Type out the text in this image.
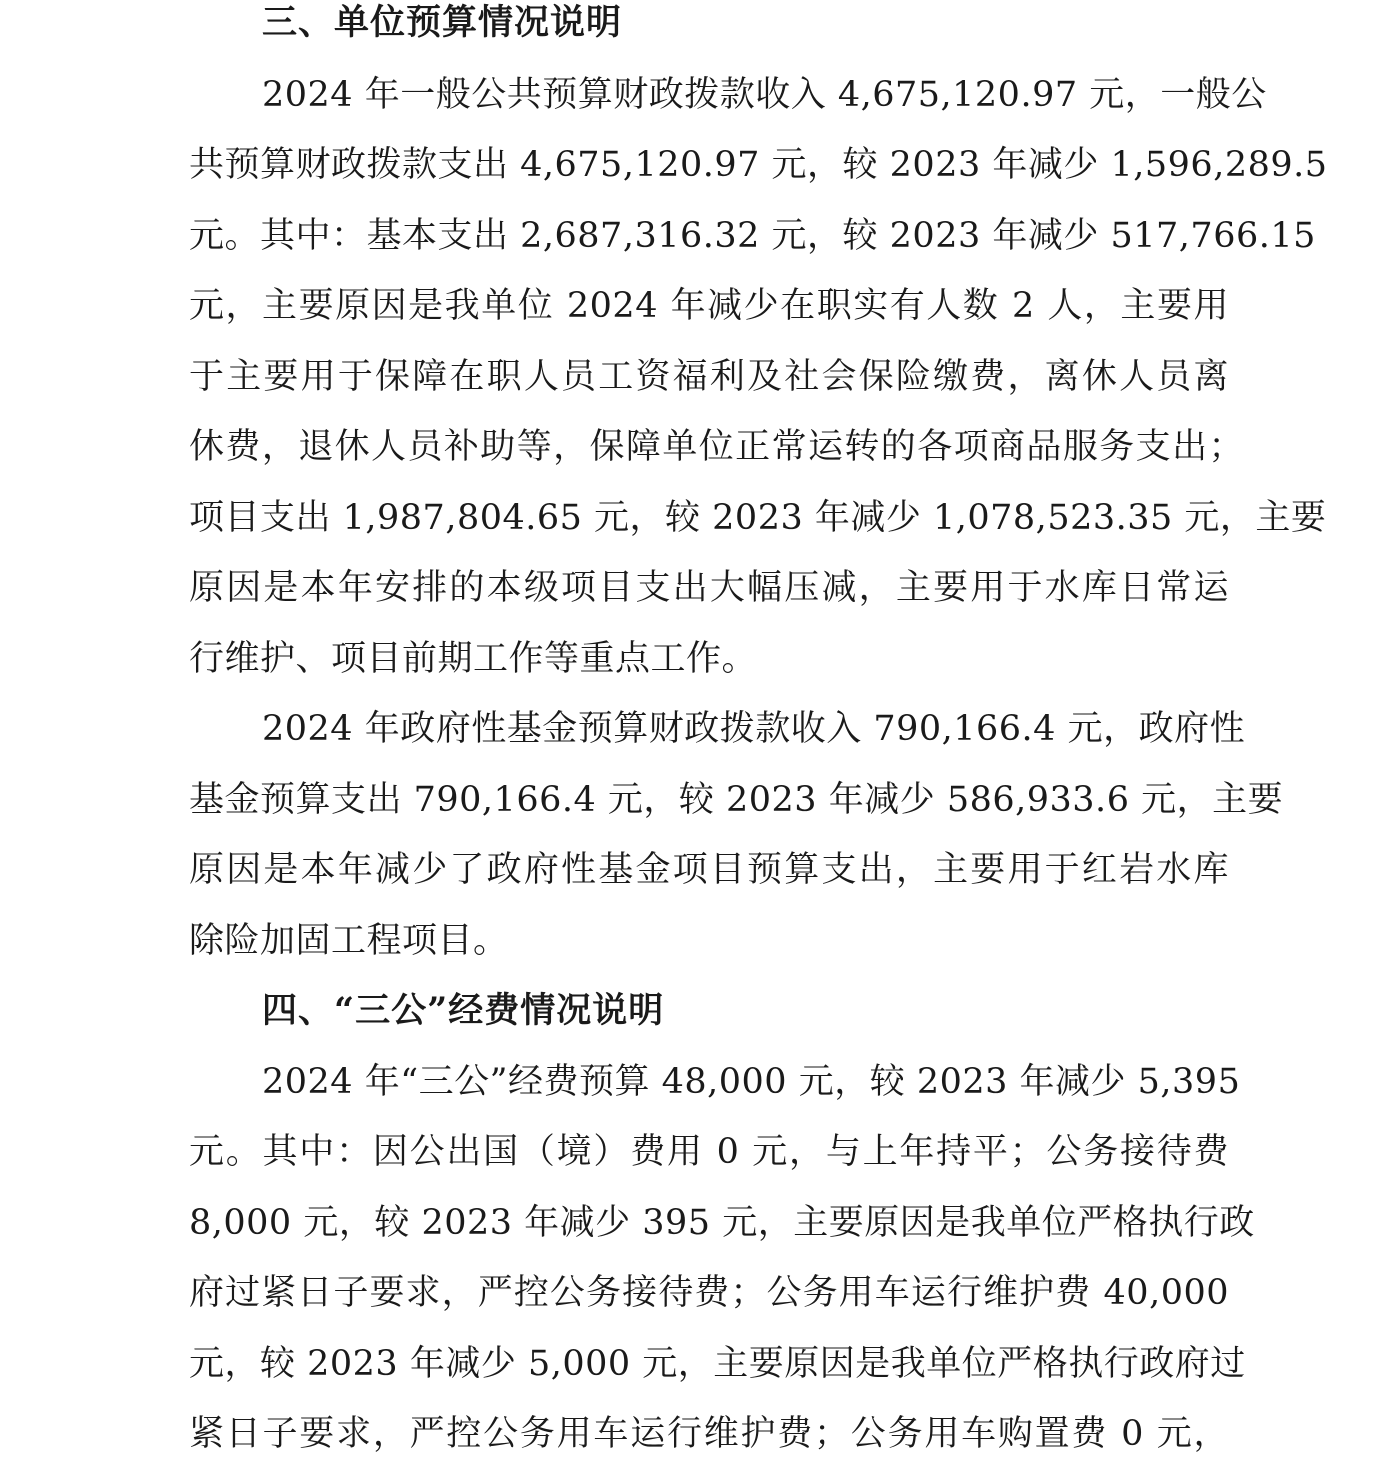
三、单位预算情况说明
2024 年一般公共预算财政拨款收入 4,675,120.97 元，一般公
共预算财政拨款支出 4,675,120.97 元，较 2023 年减少 1,596,289.5
元。其中：基本支出 2,687,316.32 元，较 2023 年减少 517,766.15
元，主要原因是我单位 2024 年减少在职实有人数 2 人，主要用
于主要用于保障在职人员工资福利及社会保险缴费，离休人员离
休费，退休人员补助等，保障单位正常运转的各项商品服务支出；
项目支出 1,987,804.65 元，较 2023 年减少 1,078,523.35 元，主要
原因是本年安排的本级项目支出大幅压减，主要用于水库日常运
行维护、项目前期工作等重点工作。
2024 年政府性基金预算财政拨款收入 790,166.4 元，政府性
基金预算支出 790,166.4 元，较 2023 年减少 586,933.6 元，主要
原因是本年减少了政府性基金项目预算支出，主要用于红岩水库
除险加固工程项目。
四、“三公”经费情况说明
2024 年“三公”经费预算 48,000 元，较 2023 年减少 5,395
元。其中：因公出国（境）费用 0 元，与上年持平；公务接待费
8,000 元，较 2023 年减少 395 元，主要原因是我单位严格执行政
府过紧日子要求，严控公务接待费；公务用车运行维护费 40,000
元，较 2023 年减少 5,000 元，主要原因是我单位严格执行政府过
紧日子要求，严控公务用车运行维护费；公务用车购置费 0 元，
